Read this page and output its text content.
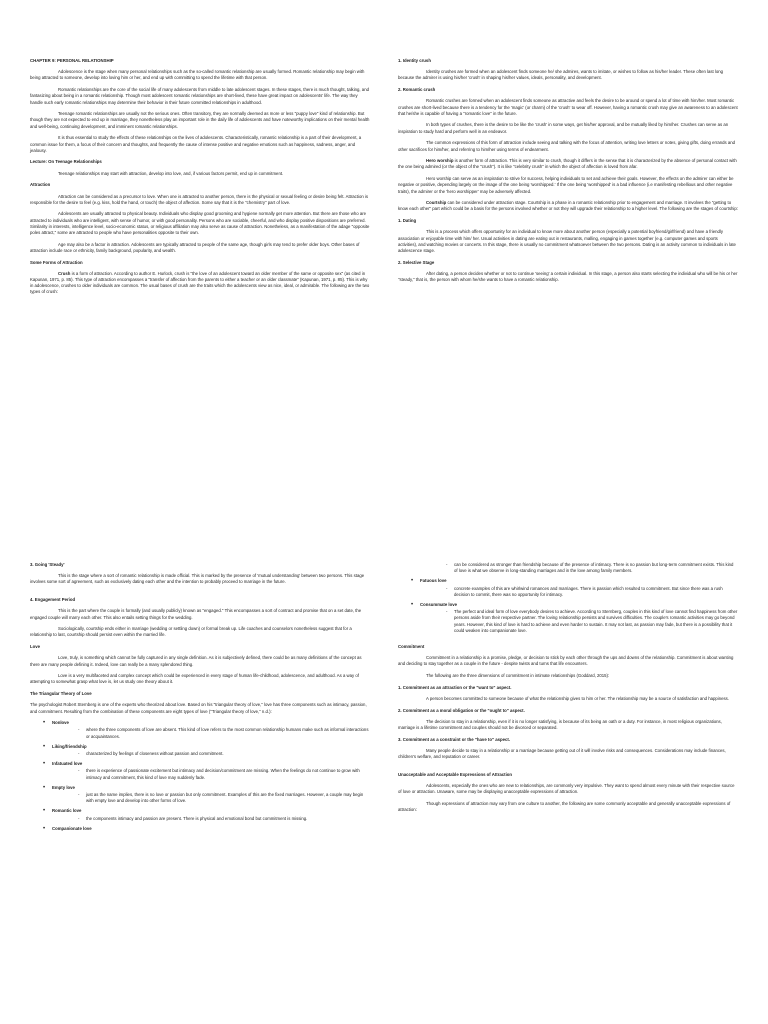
CHAPTER 9: PERSONAL RELATIONSHIP

Adolescence is the stage when many personal relationships such as the so-called romantic relationship are usually formed. Romantic relationship may begin with being attracted to someone, develop into loving him or her, and end up with committing to spend the lifetime with that person.

Romantic relationships are the core of the social life of many adolescents from middle to late adolescent stages. In these stages, there is much thought, talking, and fantasizing about being in a romantic relationship. Though most adolescent romantic relationships are short-lived, these have great impact on adolescents' life. The way they handle such early romantic relationships may determine their behavior in their future committed relationships in adulthood.

Teenage romantic relationships are usually not the serious ones. Often transitory, they are normally deemed as more or less "puppy love" kind of relationship. But though they are not expected to end up in marriage, they nonetheless play an important role in the daily life of adolescents and have noteworthy implications on their mental health and well-being, continuing development, and imminent romantic relationships.

It is thus essential to study the effects of these relationships on the lives of adolescents. Characteristically, romantic relationship is a part of their development, a common issue for them, a focus of their concern and thoughts, and frequently the cause of intense positive and negative emotions such as happiness, sadness, anger, and jealousy.

Lecture: On Teenage Relationships

Teenage relationships may start with attraction, develop into love, and, if various factors permit, end up in commitment.

Attraction

Attraction can be considered as a precursor to love. When one is attracted to another person, there is the physical or sexual feeling or desire being felt. Attraction is responsible for the desire to feel (e.g. kiss, hold the hand, or touch) the object of affection. Some say that it is the "chemistry" part of love.

Adolescents are usually attracted to physical beauty. Individuals who display good grooming and hygiene normally get more attention. But there are those who are attracted to individuals who are intelligent, with sense of humor, or with good personality. Persons who are sociable, cheerful, and who display positive dispositions are preferred. Similarity in interests, intelligence level, socio-economic status, or religious affiliation may also serve as cause of attraction. Nonetheless, as a manifestation of the adage "opposite poles attract," some are attracted to people who have personalities opposite to their own.

Age may also be a factor in attraction. Adolescents are typically attracted to people of the same age, though girls may tend to prefer older boys. Other bases of attraction include race or ethnicity, family background, popularity, and wealth.

Some Forms of Attraction

Crush is a form of attraction. According to author E. Hurlock, crush is "the love of an adolescent toward an older member of the same or opposite sex" (as cited in Kapunan, 1971, p. 85). This type of attraction encompasses a "transfer of affection from the parents to either a teacher or an older classmate" (Kapunan, 1971, p. 85). This is why in adolescence, crushes to older individuals are common. The usual bases of crush are the traits which the adolescents view as nice, ideal, or admirable. The following are the two types of crush:

1. Identity crush

Identity crushes are formed when an adolescent finds someone he/ she admires, wants to imitate, or wishes to follow as his/her leader. These often last long because the admirer is using his/her 'crush' in shaping his/her values, ideals, personality, and development.

2. Romantic crush

Romantic crushes are formed when an adolescent finds someone as attractive and feels the desire to be around or spend a lot of time with him/her. Most romantic crushes are short-lived because there is a tendency for the 'magic' (or charm) of the 'crush' to wear off. However, having a romantic crush may give an awareness to an adolescent that he/she is capable of having a "romantic love" in the future.

In both types of crushes, there is the desire to be like the 'crush' in some ways, get his/her approval, and be mutually liked by him/her. Crushes can serve as an inspiration to study hard and perform well in an endeavor.

The common expressions of this form of attraction include seeing and talking with the focus of attention, writing love letters or notes, giving gifts, doing errands and other sacrifices for him/her, and referring to him/her using terms of endearment.

Hero worship is another form of attraction. This is very similar to crush, though it differs in the sense that it is characterized by the absence of personal contact with the one being admired (or the object of the "crush"). It is like "celebrity crush" in which the object of affection is loved from afar.

Hero worship can serve as an inspiration to strive for success, helping individuals to set and achieve their goals. However, the effects on the admirer can either be negative or positive, depending largely on the image of the one being 'worshipped.' If the one being 'worshipped' is a bad influence (i.e manifesting rebellious and other negative traits), the admirer or the 'hero worshipper' may be adversely affected.

Courtship can be considered under attraction stage. Courtship is a phase in a romantic relationship prior to engagement and marriage. It involves the "getting to know each other" part which could be a basis for the persons involved whether or not they will upgrade their relationship to a higher level. The following are the stages of courtship:

1. Dating

This is a process which offers opportunity for an individual to know more about another person (especially a potential boyfriend/girlfriend) and have a friendly association or enjoyable time with him/ her. Usual activities in dating are eating out in restaurants, malling, engaging in games together (e.g. computer games and sports activities), and watching movies or concerts. In this stage, there is usually no commitment whatsoever between the two persons. Dating is an activity common to individuals in late adolescence stage.

2. Selective Stage

After dating, a person decides whether or not to continue 'seeing' a certain individual. In this stage, a person also starts selecting the individual who will be his or her "steady," that is, the person with whom he/she wants to have a romantic relationship.

3. Going 'Steady'

This is the stage where a sort of romantic relationship is made official. This is marked by the presence of 'mutual understanding' between two persons. This stage involves some sort of agreement, such as exclusively dating each other and the intention to probably proceed to marriage in the future.

4. Engagement Period

This is the part where the couple is formally (and usually publicly) known as "engaged." This encompasses a sort of contract and promise that on a set date, the engaged couple will marry each other. This also entails setting things for the wedding.

Sociologically, courtship ends either in marriage (wedding or settling down) or formal break up. Life coaches and counselors nonetheless suggest that for a relationship to last, courtship should persist even within the married life.

Love

Love, truly, is something which cannot be fully captured in any single definition. As it is subjectively defined, there could be as many definitions of the concept as there are many people defining it. Indeed, love can really be a many splendored thing.

Love is a very multifaceted and complex concept which could be experienced in every stage of human life-childhood, adolescence, and adulthood. As a way of attempting to somewhat grasp what love is, let us study one theory about it.

The Triangular Theory of Love

The psychologist Robert Sternberg is one of the experts who theorized about love. Based on his "triangular theory of love," love has three components such as intimacy, passion, and commitment. Resulting from the combination of these components are eight types of love ("Triangular theory of love," n.d.):

• Nonlove
- where the three components of love are absent. This kind of love refers to the most common relationship humans make such as informal interactions or acquaintances.
• Liking/friendship
- characterized by feelings of closeness without passion and commitment.
• Infatuated love
- there is experience of passionate excitement but intimacy and decision/commitment are missing. When the feelings do not continue to grow with intimacy and commitment, this kind of love may suddenly fade.
• Empty love
- just as the name implies, there is no love or passion but only commitment. Examples of this are the fixed marriages. However, a couple may begin with empty love and develop into other forms of love.
• Romantic love
- the components intimacy and passion are present. There is physical and emotional bond but commitment is missing.
• Companionate love
- can be considered as stronger than friendship because of the presence of intimacy. There is no passion but long-term commitment exists. This kind of love is what we observe in long-standing marriages and in the love among family members.
• Fatuous love
- concrete examples of this are whirlwind romances and marriages. There is passion which resulted to commitment. But since there was a rush decision to commit, there was no opportunity for intimacy.
• Consummate love
- The perfect and ideal form of love everybody desires to achieve. According to Sternberg, couples in this kind of love cannot find happiness from other persons aside from their respective partner. The loving relationship persists and survives difficulties. The couple's romantic activities may go beyond years. However, this kind of love is hard to achieve and even harder to sustain. It may not last, as passion may fade, but there is a possibility that it could weaken into companionate love.
Commitment

Commitment in a relationship is a promise, pledge, or decision to stick by each other through the ups and downs of the relationship. Commitment is about wanting and deciding to stay together as a couple in the future - despite twists and turns that life encounters.

The following are the three dimensions of commitment in intimate relationships (Goddard, 2015):

1. Commitment as an attraction or the "want to" aspect.

A person becomes committed to someone because of what the relationship gives to him or her. The relationship may be a source of satisfaction and happiness.

2. Commitment as a moral obligation or the "ought to" aspect.

The decision to stay in a relationship, even if it is no longer satisfying, is because of its being an oath or a duty. For instance, in most religious organizations, marriage is a lifetime commitment and couples should not be divorced or separated.

3. Commitment as a constraint or the "have to" aspect.

Many people decide to stay in a relationship or a marriage because getting out of it will involve risks and consequences. Considerations may include finances, children's welfare, and reputation or career.

Unacceptable and Acceptable Expressions of Attraction

Adolescents, especially the ones who are new to relationships, are commonly very impulsive. They want to spend almost every minute with their respective source of love or attraction. Unaware, some may be displaying unacceptable expressions of attraction.

Though expressions of attraction may vary from one culture to another, the following are some commonly acceptable and generally unacceptable expressions of attraction:
